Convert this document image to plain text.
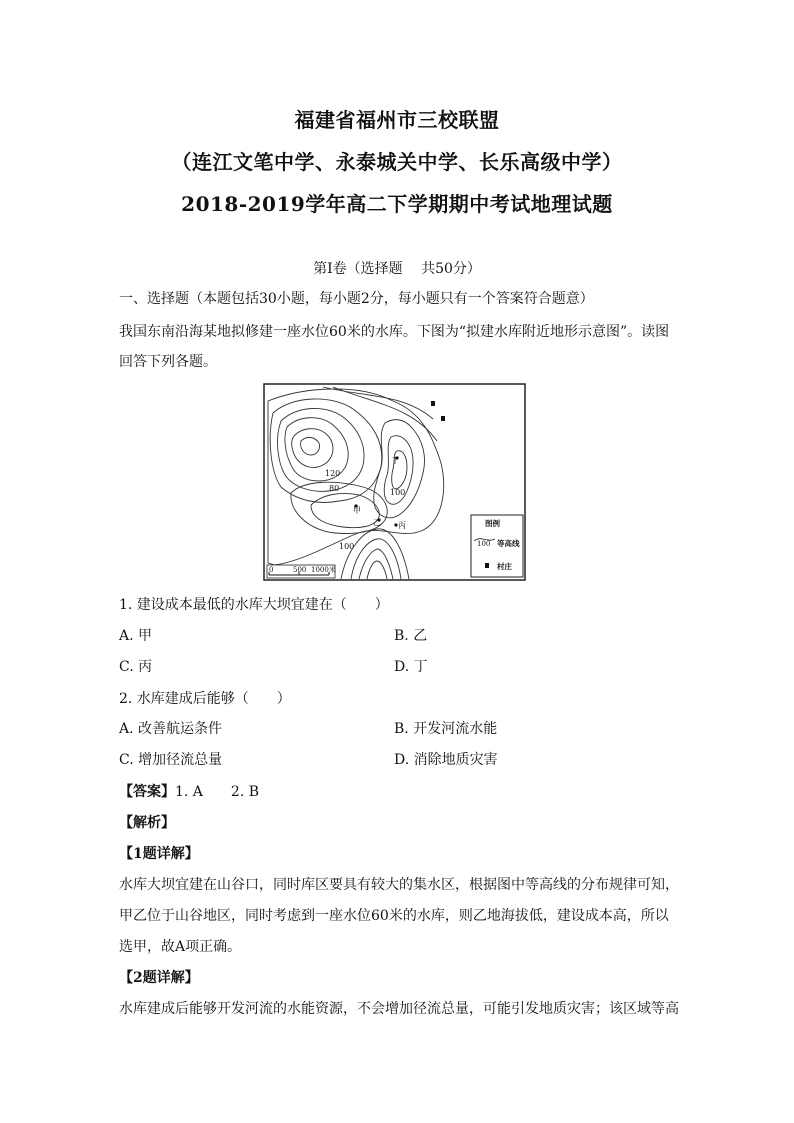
福建省福州市三校联盟
（连江文笔中学、永泰城关中学、长乐高级中学）
2018-2019学年高二下学期期中考试地理试题
第Ⅰ卷（选择题　 共50分）
一、选择题（本题包括30小题，每小题2分，每小题只有一个答案符合题意）
我国东南沿海某地拟修建一座水位60米的水库。下图为“拟建水库附近地形示意图”。读图
回答下列各题。
120
80	100
100
甲
乙 丙
丁
图例
等高线
村庄
100
0	500 1000米
1. 建设成本最低的水库大坝宜建在（　　）
A. 甲	B. 乙
C. 丙	D. 丁
2. 水库建成后能够（　　）
A. 改善航运条件	B. 开发河流水能
C. 增加径流总量	D. 消除地质灾害
【答案】1. A　　2. B
【解析】
【1题详解】
水库大坝宜建在山谷口，同时库区要具有较大的集水区，根据图中等高线的分布规律可知，
甲乙位于山谷地区，同时考虑到一座水位60米的水库，则乙地海拔低，建设成本高，所以
选甲，故A项正确。
【2题详解】
水库建成后能够开发河流的水能资源，不会增加径流总量，可能引发地质灾害；该区域等高
